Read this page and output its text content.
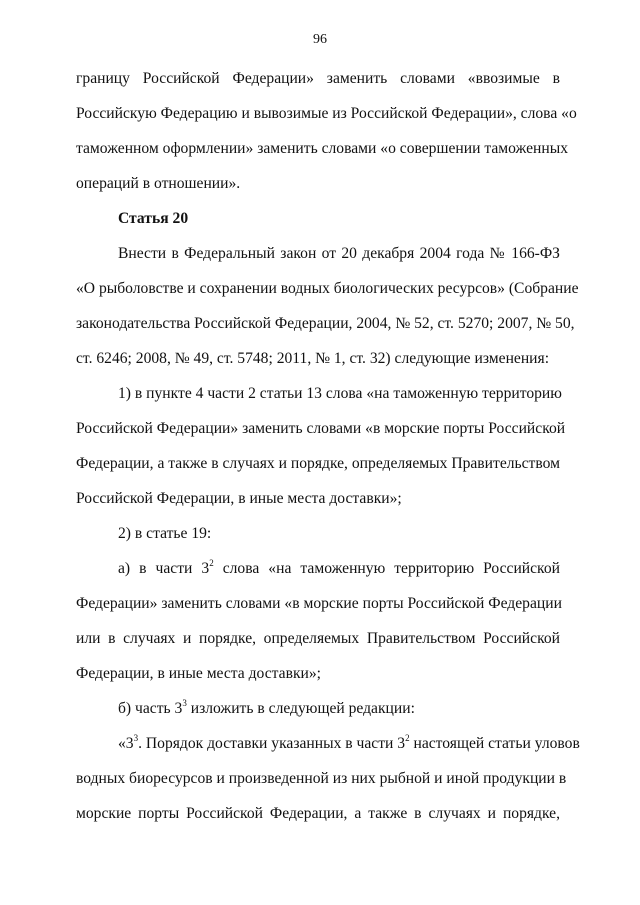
96
границу Российской Федерации» заменить словами «ввозимые в
Российскую Федерацию и вывозимые из Российской Федерации», слова «о
таможенном оформлении» заменить словами «о совершении таможенных
операций в отношении».
Статья 20
Внести в Федеральный закон от 20 декабря 2004 года № 166-ФЗ
«О рыболовстве и сохранении водных биологических ресурсов» (Собрание
законодательства Российской Федерации, 2004, № 52, ст. 5270; 2007, № 50,
ст. 6246; 2008, № 49, ст. 5748; 2011, № 1, ст. 32) следующие изменения:
1) в пункте 4 части 2 статьи 13 слова «на таможенную территорию
Российской Федерации» заменить словами «в морские порты Российской
Федерации, а также в случаях и порядке, определяемых Правительством
Российской Федерации, в иные места доставки»;
2) в статье 19:
а) в части $3^2$ слова «на таможенную территорию Российской
Федерации» заменить словами «в морские порты Российской Федерации
или в случаях и порядке, определяемых Правительством Российской
Федерации, в иные места доставки»;
б) часть $3^3$ изложить в следующей редакции:
«$3^3$. Порядок доставки указанных в части $3^2$ настоящей статьи уловов
водных биоресурсов и произведенной из них рыбной и иной продукции в
морские порты Российской Федерации, а также в случаях и порядке,
